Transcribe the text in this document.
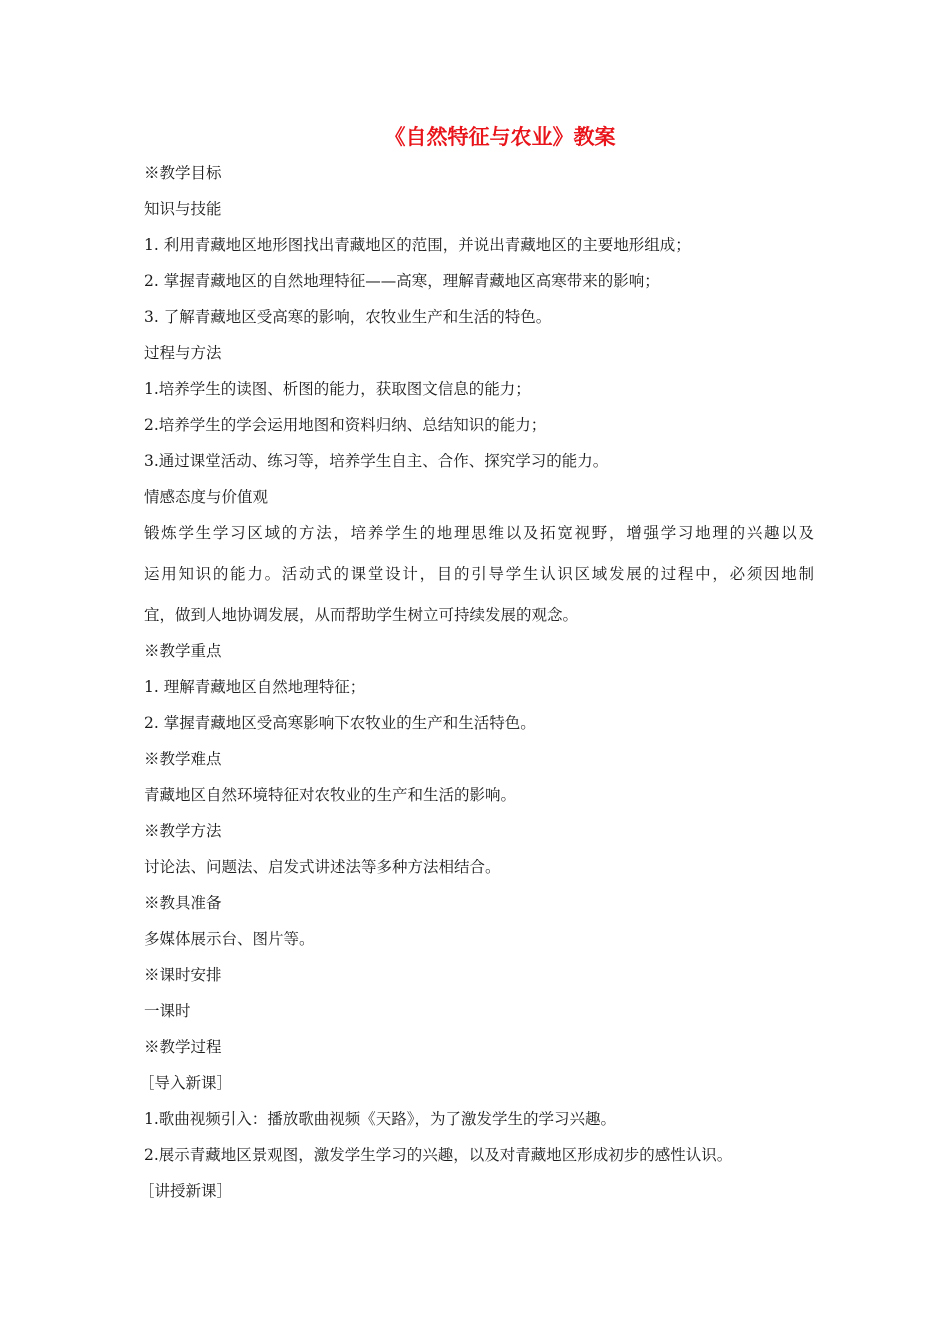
《自然特征与农业》教案
※教学目标
知识与技能
1. 利用青藏地区地形图找出青藏地区的范围，并说出青藏地区的主要地形组成；
2. 掌握青藏地区的自然地理特征——高寒，理解青藏地区高寒带来的影响；
3. 了解青藏地区受高寒的影响，农牧业生产和生活的特色。
过程与方法
1.培养学生的读图、析图的能力，获取图文信息的能力；
2.培养学生的学会运用地图和资料归纳、总结知识的能力；
3.通过课堂活动、练习等，培养学生自主、合作、探究学习的能力。
情感态度与价值观
锻炼学生学习区域的方法，培养学生的地理思维以及拓宽视野，增强学习地理的兴趣以及
运用知识的能力。活动式的课堂设计，目的引导学生认识区域发展的过程中，必须因地制
宜，做到人地协调发展，从而帮助学生树立可持续发展的观念。
※教学重点
1. 理解青藏地区自然地理特征；
2. 掌握青藏地区受高寒影响下农牧业的生产和生活特色。
※教学难点
青藏地区自然环境特征对农牧业的生产和生活的影响。
※教学方法
讨论法、问题法、启发式讲述法等多种方法相结合。
※教具准备
多媒体展示台、图片等。
※课时安排
一课时
※教学过程
［导入新课］
1.歌曲视频引入：播放歌曲视频《天路》，为了激发学生的学习兴趣。
2.展示青藏地区景观图，激发学生学习的兴趣，以及对青藏地区形成初步的感性认识。
［讲授新课］
